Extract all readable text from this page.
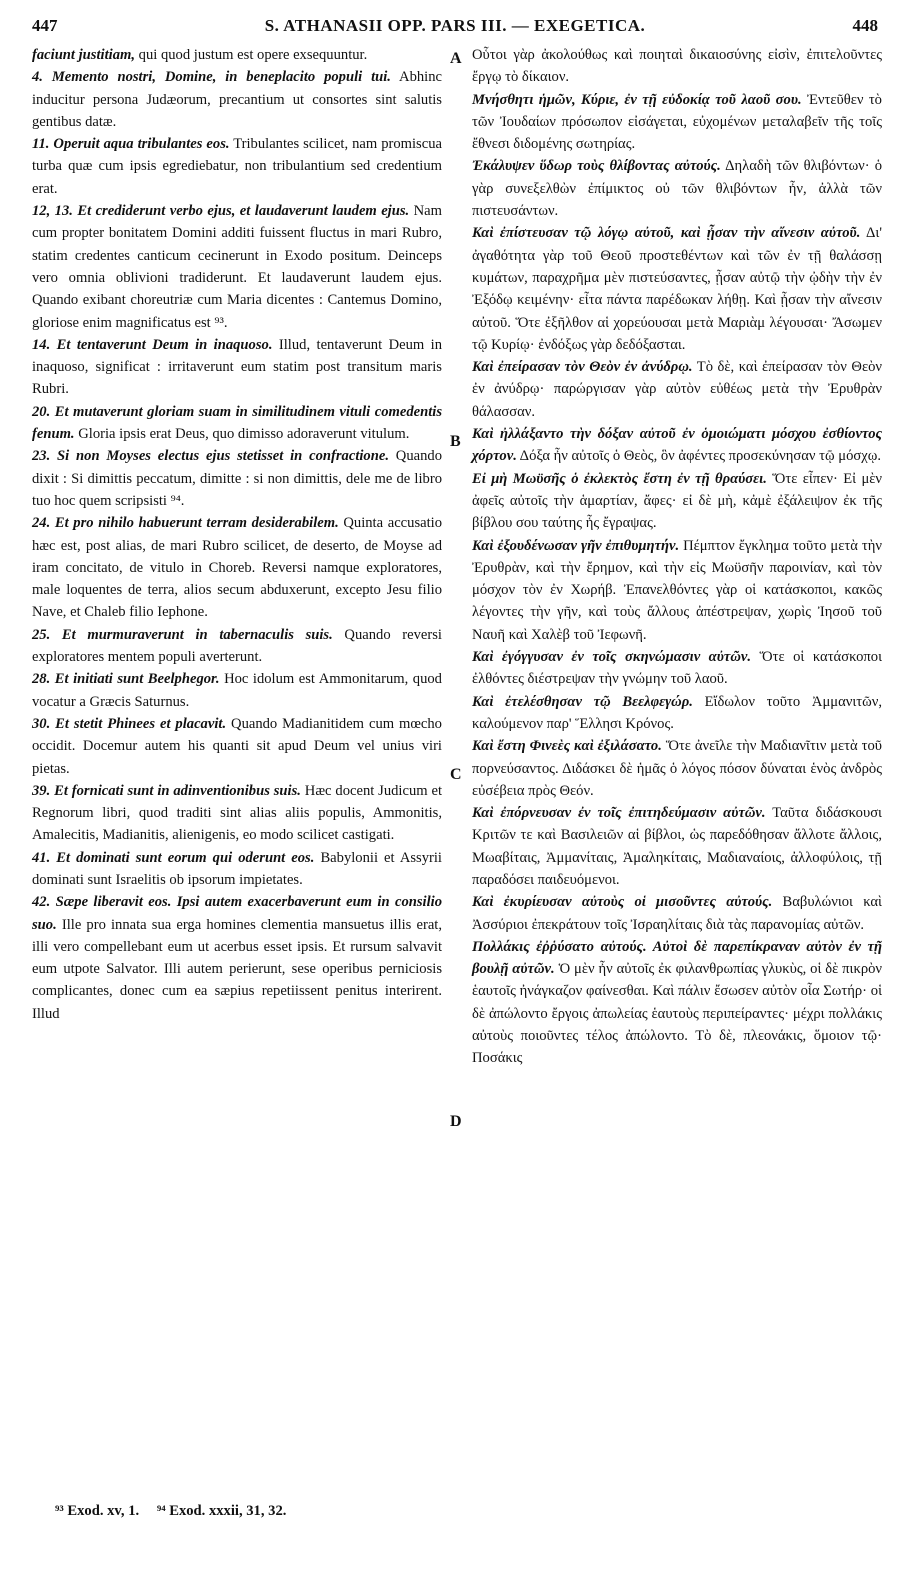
447	S. ATHANASII OPP. PARS III. — EXEGETICA.	448

faciunt justitiam, qui quod justum est opere exsequuntur.

4. Memento nostri, Domine, in beneplacito populi tui. Abhinc inducitur persona Judæorum, precantium ut consortes sint salutis gentibus datæ.

11. Operuit aqua tribulantes eos. Tribulantes scilicet, nam promiscua turba quæ cum ipsis egrediebatur, non tribulantium sed credentium erat.

12, 13. Et crediderunt verbo ejus, et laudaverunt laudem ejus. Nam cum propter bonitatem Domini additi fuissent fluctus in mari Rubro, statim credentes canticum cecinerunt in Exodo positum. Deinceps vero omnia oblivioni tradiderunt. Et laudaverunt laudem ejus. Quando exibant choreutriæ cum Maria dicentes : Cantemus Domino, gloriose enim magnificatus est ⁹³.

14. Et tentaverunt Deum in inaquoso. Illud, tentaverunt Deum in inaquoso, significat : irritaverunt eum statim post transitum maris Rubri.

20. Et mutaverunt gloriam suam in similitudinem vituli comedentis fenum. Gloria ipsis erat Deus, quo dimisso adoraverunt vitulum.

23. Si non Moyses electus ejus stetisset in confractione. Quando dixit : Si dimittis peccatum, dimitte : si non dimittis, dele me de libro tuo hoc quem scripsisti ⁹⁴.

24. Et pro nihilo habuerunt terram desiderabilem. Quinta accusatio hæc est, post alias, de mari Rubro scilicet, de deserto, de Moyse ad iram concitato, de vitulo in Choreb. Reversi namque exploratores, male loquentes de terra, alios secum abduxerunt, excepto Jesu filio Nave, et Chaleb filio Iephone.

25. Et murmuraverunt in tabernaculis suis. Quando reversi exploratores mentem populi averterunt.

28. Et initiati sunt Beelphegor. Hoc idolum est Ammonitarum, quod vocatur a Græcis Saturnus.

30. Et stetit Phinees et placavit. Quando Madianitidem cum mœcho occidit. Docemur autem his quanti sit apud Deum vel unius viri pietas.

39. Et fornicati sunt in adinventionibus suis. Hæc docent Judicum et Regnorum libri, quod traditi sint alias aliis populis, Ammonitis, Amalecitis, Madianitis, alienigenis, eo modo scilicet castigati.

41. Et dominati sunt eorum qui oderunt eos. Babylonii et Assyrii dominati sunt Israelitis ob ipsorum impietates.

42. Sæpe liberavit eos. Ipsi autem exacerbaverunt eum in consilio suo. Ille pro innata sua erga homines clementia mansuetus illis erat, illi vero compellebant eum ut acerbus esset ipsis. Et rursum salvavit eum utpote Salvator. Illi autem perierunt, sese operibus perniciosis complicantes, donec cum ea sæpius repetiissent penitus interirent. Illud

A
B
C
D

Οὗτοι γὰρ ἀκολούθως καὶ ποιηταὶ δικαιοσύνης εἰσὶν, ἐπιτελοῦντες ἔργῳ τὸ δίκαιον.

Μνήσθητι ἡμῶν, Κύριε, ἐν τῇ εὐδοκίᾳ τοῦ λαοῦ σου. Ἐντεῦθεν τὸ τῶν Ἰουδαίων πρόσωπον εἰσάγεται, εὐχομένων μεταλαβεῖν τῆς τοῖς ἔθνεσι διδομένης σωτηρίας.

Ἐκάλυψεν ὕδωρ τοὺς θλίβοντας αὐτούς. Δηλαδὴ τῶν θλιβόντων· ὁ γὰρ συνεξελθὼν ἐπίμικτος οὐ τῶν θλιβόντων ἦν, ἀλλὰ τῶν πιστευσάντων.

Καὶ ἐπίστευσαν τῷ λόγῳ αὐτοῦ, καὶ ᾖσαν τὴν αἴνεσιν αὐτοῦ. Δι' ἀγαθότητα γὰρ τοῦ Θεοῦ προστεθέντων καὶ τῶν ἐν τῇ θαλάσσῃ κυμάτων, παραχρῆμα μὲν πιστεύσαντες, ᾖσαν αὐτῷ τὴν ᾠδὴν τὴν ἐν Ἐξόδῳ κειμένην· εἶτα πάντα παρέδωκαν λήθῃ. Καὶ ᾖσαν τὴν αἴνεσιν αὐτοῦ. Ὅτε ἐξῆλθον αἱ χορεύουσαι μετὰ Μαριὰμ λέγουσαι· Ἄσωμεν τῷ Κυρίῳ· ἐνδόξως γὰρ δεδόξασται.

Καὶ ἐπείρασαν τὸν Θεὸν ἐν ἀνύδρῳ. Τὸ δὲ, καὶ ἐπείρασαν τὸν Θεὸν ἐν ἀνύδρῳ· παρώργισαν γὰρ αὐτὸν εὐθέως μετὰ τὴν Ἐρυθρὰν θάλασσαν.

Καὶ ἠλλάξαντο τὴν δόξαν αὐτοῦ ἐν ὁμοιώματι μόσχου ἐσθίοντος χόρτον. Δόξα ἦν αὐτοῖς ὁ Θεὸς, ὃν ἀφέντες προσεκύνησαν τῷ μόσχῳ.

Εἰ μὴ Μωϋσῆς ὁ ἐκλεκτὸς ἔστη ἐν τῇ θραύσει. Ὅτε εἶπεν· Εἰ μὲν ἀφεῖς αὐτοῖς τὴν ἁμαρτίαν, ἄφες· εἰ δὲ μὴ, κἀμὲ ἐξάλειψον ἐκ τῆς βίβλου σου ταύτης ἧς ἔγραψας.

Καὶ ἐξουδένωσαν γῆν ἐπιθυμητήν. Πέμπτον ἔγκλημα τοῦτο μετὰ τὴν Ἐρυθρὰν, καὶ τὴν ἔρημον, καὶ τὴν εἰς Μωϋσῆν παροινίαν, καὶ τὸν μόσχον τὸν ἐν Χωρήβ. Ἐπανελθόντες γὰρ οἱ κατάσκοποι, κακῶς λέγοντες τὴν γῆν, καὶ τοὺς ἄλλους ἀπέστρεψαν, χωρὶς Ἰησοῦ τοῦ Ναυῆ καὶ Χαλὲβ τοῦ Ἰεφωνῆ.

Καὶ ἐγόγγυσαν ἐν τοῖς σκηνώμασιν αὐτῶν. Ὅτε οἱ κατάσκοποι ἐλθόντες διέστρεψαν τὴν γνώμην τοῦ λαοῦ.

Καὶ ἐτελέσθησαν τῷ Βεελφεγώρ. Εἴδωλον τοῦτο Ἀμμανιτῶν, καλούμενον παρ' Ἕλλησι Κρόνος.

Καὶ ἔστη Φινεὲς καὶ ἐξιλάσατο. Ὅτε ἀνεῖλε τὴν Μαδιανῖτιν μετὰ τοῦ πορνεύσαντος. Διδάσκει δὲ ἡμᾶς ὁ λόγος πόσον δύναται ἑνὸς ἀνδρὸς εὐσέβεια πρὸς Θεόν.

Καὶ ἐπόρνευσαν ἐν τοῖς ἐπιτηδεύμασιν αὐτῶν. Ταῦτα διδάσκουσι Κριτῶν τε καὶ Βασιλειῶν αἱ βίβλοι, ὡς παρεδόθησαν ἄλλοτε ἄλλοις, Μωαβίταις, Ἀμμανίταις, Ἀμαληκίταις, Μαδιαναίοις, ἀλλοφύλοις, τῇ παραδόσει παιδευόμενοι.

Καὶ ἐκυρίευσαν αὐτοὺς οἱ μισοῦντες αὐτούς. Βαβυλώνιοι καὶ Ἀσσύριοι ἐπεκράτουν τοῖς Ἰσραηλίταις διὰ τὰς παρανομίας αὐτῶν.

Πολλάκις ἐῤῥύσατο αὐτούς. Αὐτοὶ δὲ παρεπίκραναν αὐτὸν ἐν τῇ βουλῇ αὐτῶν. Ὁ μὲν ἦν αὐτοῖς ἐκ φιλανθρωπίας γλυκὺς, οἱ δὲ πικρὸν ἑαυτοῖς ἠνάγκαζον φαίνεσθαι. Καὶ πάλιν ἔσωσεν αὐτὸν οἷα Σωτήρ· οἱ δὲ ἀπώλοντο ἔργοις ἀπωλείας ἑαυτοὺς περιπείραντες· μέχρι πολλάκις αὐτοὺς ποιοῦντες τέλος ἀπώλοντο. Τὸ δὲ, πλεονάκις, ὅμοιον τῷ· Ποσάκις

⁹³ Exod. xv, 1. ⁹⁴ Exod. xxxii, 31, 32.
